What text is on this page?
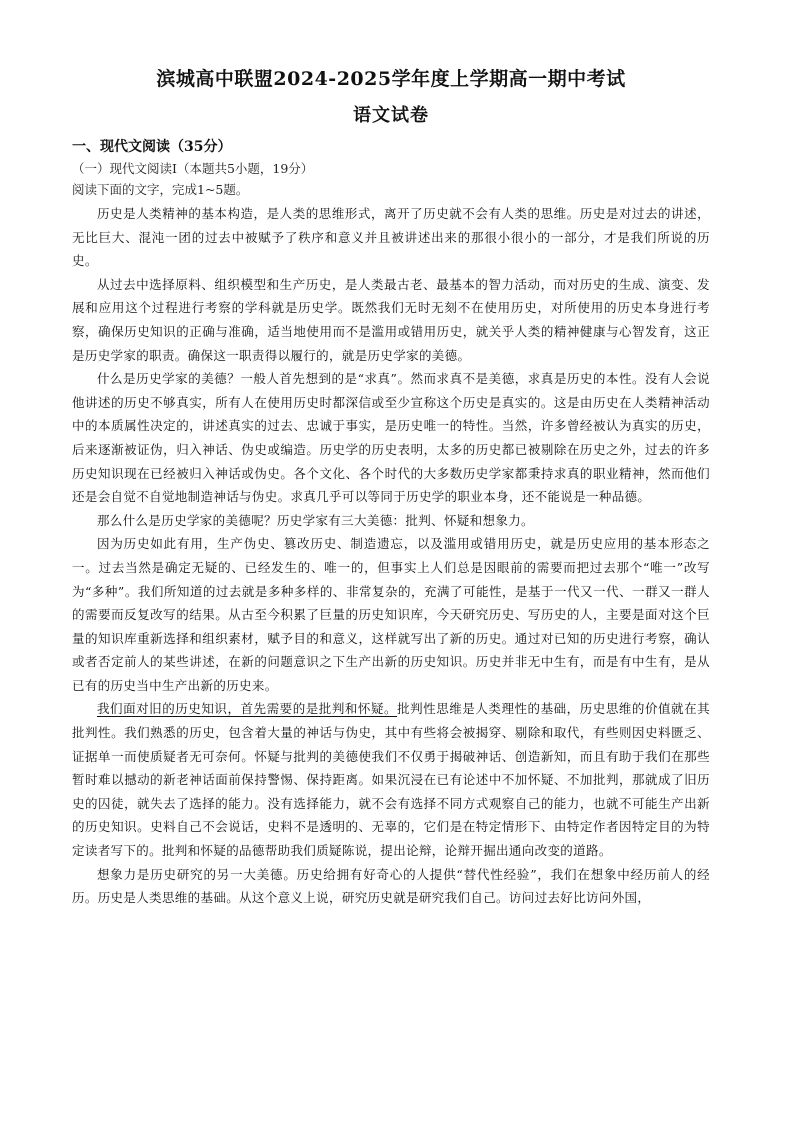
滨城高中联盟2024-2025学年度上学期高一期中考试
语文试卷
一、现代文阅读（35分）
（一）现代文阅读Ⅰ（本题共5小题，19分）
阅读下面的文字，完成1~5题。

历史是人类精神的基本构造，是人类的思维形式，离开了历史就不会有人类的思维。历史是对过去的讲述，无比巨大、混沌一团的过去中被赋予了秩序和意义并且被讲述出来的那很小很小的一部分，才是我们所说的历史。

从过去中选择原料、组织模型和生产历史，是人类最古老、最基本的智力活动，而对历史的生成、演变、发展和应用这个过程进行考察的学科就是历史学。既然我们无时无刻不在使用历史，对所使用的历史本身进行考察，确保历史知识的正确与准确，适当地使用而不是滥用或错用历史，就关乎人类的精神健康与心智发育，这正是历史学家的职责。确保这一职责得以履行的，就是历史学家的美德。

什么是历史学家的美德？一般人首先想到的是“求真”。然而求真不是美德，求真是历史的本性。没有人会说他讲述的历史不够真实，所有人在使用历史时都深信或至少宣称这个历史是真实的。这是由历史在人类精神活动中的本质属性决定的，讲述真实的过去、忠诚于事实，是历史唯一的特性。当然，许多曾经被认为真实的历史，后来逐渐被证伪，归入神话、伪史或编造。历史学的历史表明，太多的历史都已被剔除在历史之外，过去的许多历史知识现在已经被归入神话或伪史。各个文化、各个时代的大多数历史学家都秉持求真的职业精神，然而他们还是会自觉不自觉地制造神话与伪史。求真几乎可以等同于历史学的职业本身，还不能说是一种品德。

那么什么是历史学家的美德呢？历史学家有三大美德：批判、怀疑和想象力。

因为历史如此有用，生产伪史、篡改历史、制造遗忘，以及滥用或错用历史，就是历史应用的基本形态之一。过去当然是确定无疑的、已经发生的、唯一的，但事实上人们总是因眼前的需要而把过去那个“唯一”改写为“多种”。我们所知道的过去就是多种多样的、非常复杂的，充满了可能性，是基于一代又一代、一群又一群人的需要而反复改写的结果。从古至今积累了巨量的历史知识库，今天研究历史、写历史的人，主要是面对这个巨量的知识库重新选择和组织素材，赋予目的和意义，这样就写出了新的历史。通过对已知的历史进行考察，确认或者否定前人的某些讲述，在新的问题意识之下生产出新的历史知识。历史并非无中生有，而是有中生有，是从已有的历史当中生产出新的历史来。

我们面对旧的历史知识，首先需要的是批判和怀疑。批判性思维是人类理性的基础，历史思维的价值就在其批判性。我们熟悉的历史，包含着大量的神话与伪史，其中有些将会被揭穿、剔除和取代，有些则因史料匮乏、证据单一而使质疑者无可奈何。怀疑与批判的美德使我们不仅勇于揭破神话、创造新知，而且有助于我们在那些暂时难以撼动的新老神话面前保持警惕、保持距离。如果沉浸在已有论述中不加怀疑、不加批判，那就成了旧历史的囚徒，就失去了选择的能力。没有选择能力，就不会有选择不同方式观察自己的能力，也就不可能生产出新的历史知识。史料自己不会说话，史料不是透明的、无辜的，它们是在特定情形下、由特定作者因特定目的为特定读者写下的。批判和怀疑的品德帮助我们质疑陈说，提出论辩，论辩开掘出通向改变的道路。

想象力是历史研究的另一大美德。历史给拥有好奇心的人提供“替代性经验”，我们在想象中经历前人的经历。历史是人类思维的基础。从这个意义上说，研究历史就是研究我们自己。访问过去好比访问外国，
